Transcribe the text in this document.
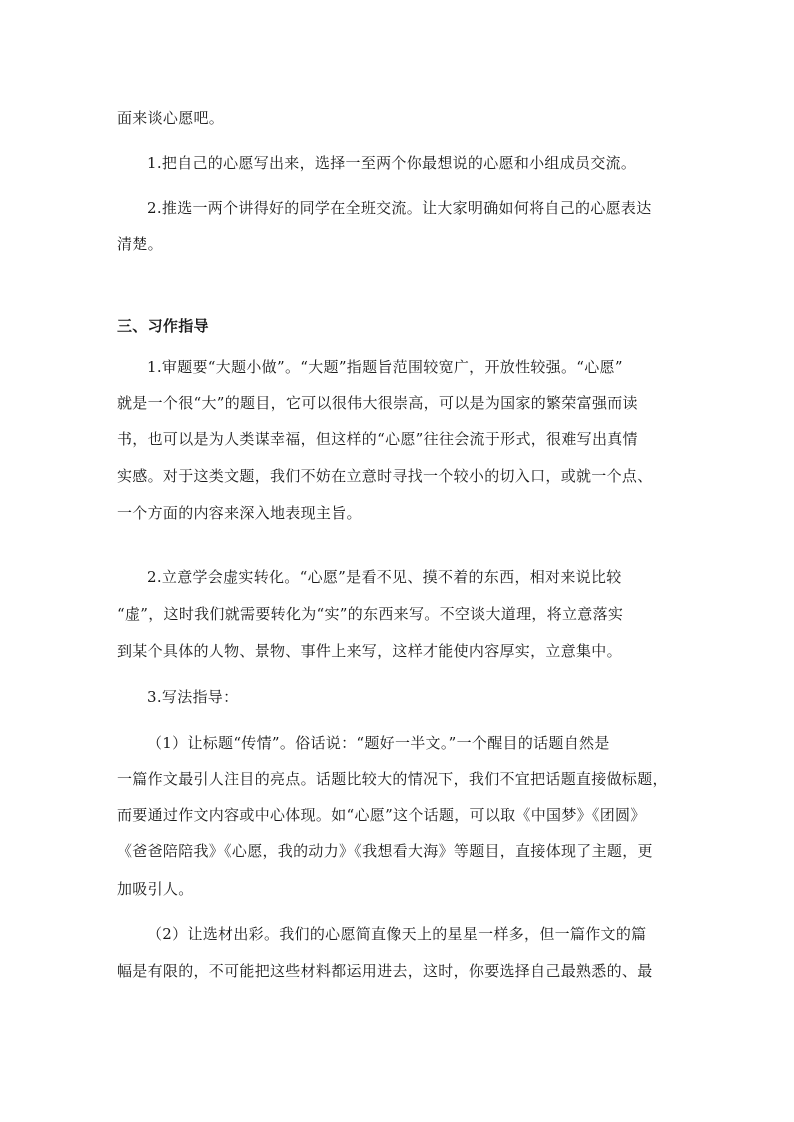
面来谈心愿吧。
1.把自己的心愿写出来，选择一至两个你最想说的心愿和小组成员交流。
2.推选一两个讲得好的同学在全班交流。让大家明确如何将自己的心愿表达
清楚。
三、习作指导
1.审题要“大题小做”。“大题”指题旨范围较宽广，开放性较强。“心愿”
就是一个很“大”的题目，它可以很伟大很崇高，可以是为国家的繁荣富强而读
书，也可以是为人类谋幸福，但这样的“心愿”往往会流于形式，很难写出真情
实感。对于这类文题，我们不妨在立意时寻找一个较小的切入口，或就一个点、
一个方面的内容来深入地表现主旨。
2.立意学会虚实转化。“心愿”是看不见、摸不着的东西，相对来说比较
“虚”，这时我们就需要转化为“实”的东西来写。不空谈大道理，将立意落实
到某个具体的人物、景物、事件上来写，这样才能使内容厚实，立意集中。
3.写法指导：
（1）让标题“传情”。俗话说：“题好一半文。”一个醒目的话题自然是
一篇作文最引人注目的亮点。话题比较大的情况下，我们不宜把话题直接做标题，
而要通过作文内容或中心体现。如“心愿”这个话题，可以取《中国梦》《团圆》
《爸爸陪陪我》《心愿，我的动力》《我想看大海》等题目，直接体现了主题，更
加吸引人。
（2）让选材出彩。我们的心愿简直像天上的星星一样多，但一篇作文的篇
幅是有限的，不可能把这些材料都运用进去，这时，你要选择自己最熟悉的、最
